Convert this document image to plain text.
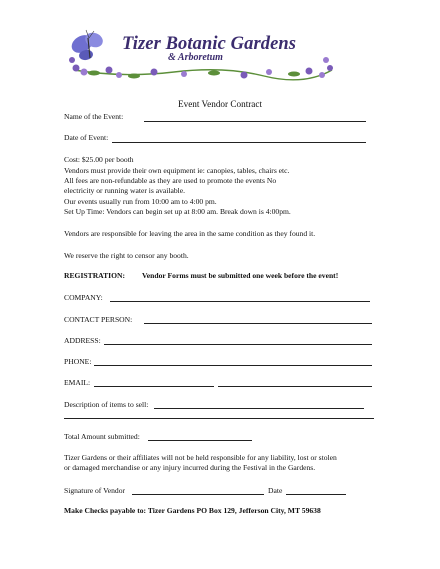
Tizer Botanic Gardens
& Arboretum
Event Vendor Contract
Name of the Event:
Date of Event:
Cost: $25.00 per booth
Vendors must provide their own equipment ie: canopies, tables, chairs etc.
All fees are non-refundable as they are used to promote the events No
electricity or running water is available.
Our events usually run from 10:00 am to 4:00 pm.
Set Up Time: Vendors can begin set up at 8:00 am. Break down is 4:00pm.
Vendors are responsible for leaving the area in the same condition as they found it.
We reserve the right to censor any booth.
REGISTRATION: Vendor Forms must be submitted one week before the event!
COMPANY:
CONTACT PERSON:
ADDRESS:
PHONE:
EMAIL:
Description of items to sell:
Total Amount submitted:
Tizer Gardens or their affiliates will not be held responsible for any liability, lost or stolen
or damaged merchandise or any injury incurred during the Festival in the Gardens.
Signature of Vendor	Date
Make Checks payable to: Tizer Gardens PO Box 129, Jefferson City, MT 59638
